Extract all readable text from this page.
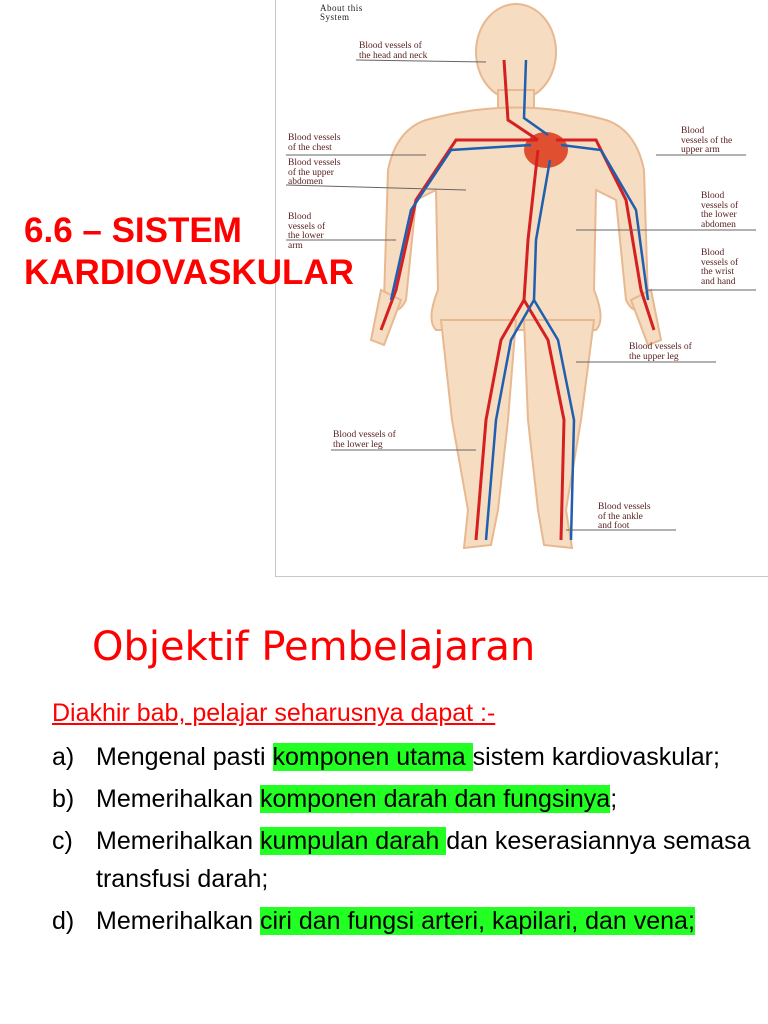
About this
System
Blood vessels of
the head and neck
Blood vessels
of the chest
Blood vessels
of the upper
abdomen
Blood
vessels of
the lower
arm
Blood
vessels of the
upper arm
Blood
vessels of
the lower
abdomen
Blood
vessels of
the wrist
and hand
Blood vessels of
the upper leg
Blood vessels of
the lower leg
Blood vessels
of the ankle
and foot
6.6 – SISTEM
KARDIOVASKULAR
Objektif Pembelajaran
Diakhir bab, pelajar seharusnya dapat :-
a) Mengenal pasti komponen utama sistem kardiovaskular;
b) Memerihalkan komponen darah dan fungsinya;
c) Memerihalkan kumpulan darah dan keserasiannya semasa transfusi darah;
d) Memerihalkan ciri dan fungsi arteri, kapilari, dan vena;
